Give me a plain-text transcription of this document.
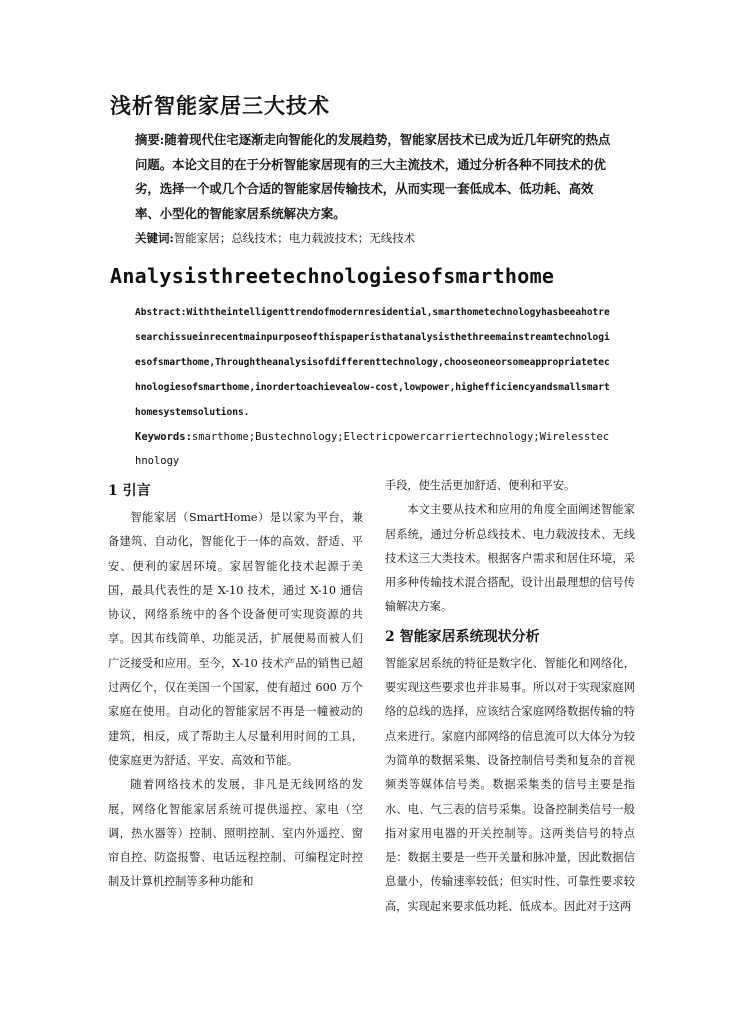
浅析智能家居三大技术
摘要:随着现代住宅逐渐走向智能化的发展趋势，智能家居技术已成为近几年研究的热点问题。本论文目的在于分析智能家居现有的三大主流技术，通过分析各种不同技术的优劣，选择一个或几个合适的智能家居传输技术，从而实现一套低成本、低功耗、高效率、小型化的智能家居系统解决方案。
关键词:智能家居；总线技术；电力载波技术；无线技术
Analysisthreetechnologiesofsmarthome
Abstract:Withtheintelligenttrendofmodernresidential,smarthometechnologyhasbeeahotresearchissueinrecentmainpurposeofthispaperisthatanalysisthethreemainstreamtechnologiesofsmarthome,Throughtheanalysisofdifferenttechnology,chooseoneorsomeappropriatetechnologiesofsmarthome,inordertoachievealow-cost,lowpower,highefficiencyandsmallsmarthomesystemsolutions.
Keywords:smarthome;Bustechnology;Electricpowercarriertechnology;Wirelesstechnology
1 引言

智能家居（SmartHome）是以家为平台，兼备建筑、自动化，智能化于一体的高效、舒适、平安、便利的家居环境。家居智能化技术起源于美国，最具代表性的是 X-10 技术，通过 X-10 通信协议，网络系统中的各个设备便可实现资源的共享。因其布线简单、功能灵活，扩展便易而被人们广泛接受和应用。至今，X-10 技术产品的销售已超过两亿个，仅在美国一个国家，使有超过 600 万个家庭在使用。自动化的智能家居不再是一幢被动的建筑，相反，成了帮助主人尽量利用时间的工具，使家庭更为舒适、平安、高效和节能。

随着网络技术的发展，非凡是无线网络的发展，网络化智能家居系统可提供遥控、家电（空调，热水器等）控制、照明控制、室内外遥控、窗帘自控、防盗报警、电话远程控制、可编程定时控制及计算机控制等多种功能和

手段，使生活更加舒适、便利和平安。

本文主要从技术和应用的角度全面阐述智能家居系统，通过分析总线技术、电力载波技术、无线技术这三大类技术。根据客户需求和居住环境，采用多种传输技术混合搭配，设计出最理想的信号传输解决方案。

2 智能家居系统现状分析

智能家居系统的特征是数字化、智能化和网络化，要实现这些要求也并非易事。所以对于实现家庭网络的总线的选择，应该结合家庭网络数据传输的特点来进行。家庭内部网络的信息流可以大体分为较为简单的数据采集、设备控制信号类和复杂的音视频类等媒体信号类。数据采集类的信号主要是指水、电、气三表的信号采集。设备控制类信号一般指对家用电器的开关控制等。这两类信号的特点是：数据主要是一些开关量和脉冲量，因此数据信息量小，传输速率较低；但实时性、可靠性要求较高，实现起来要求低功耗、低成本。因此对于这两
